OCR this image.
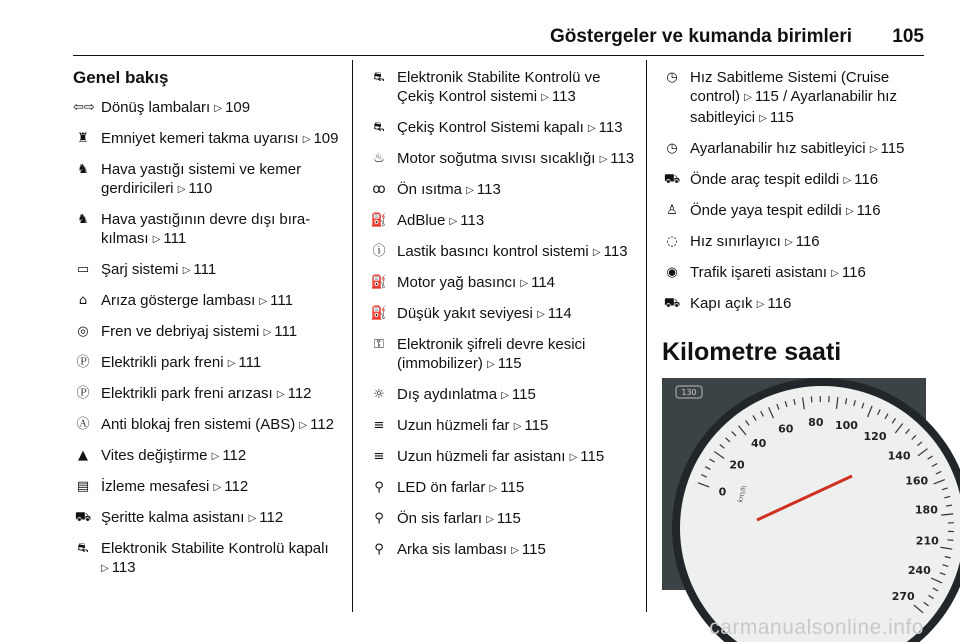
Göstergeler ve kumanda birimleri 105
Genel bakış
⇦⇨ Dönüş lambaları ▷ 109
♜ Emniyet kemeri takma uyarısı ▷ 109
♞ Hava yastığı sistemi ve kemer gerdiricileri ▷ 110
♞ Hava yastığının devre dışı bıra-kılması ▷ 111
▭ Şarj sistemi ▷ 111
⌂ Arıza gösterge lambası ▷ 111
◎ Fren ve debriyaj sistemi ▷ 111
Ⓟ Elektrikli park freni ▷ 111
Ⓟ Elektrikli park freni arızası ▷ 112
Ⓐ Anti blokaj fren sistemi (ABS) ▷ 112
▲ Vites değiştirme ▷ 112
▤ İzleme mesafesi ▷ 112
⛟ Şeritte kalma asistanı ▷ 112
⛐ Elektronik Stabilite Kontrolü kapalı ▷ 113
⛐ Elektronik Stabilite Kontrolü ve Çekiş Kontrol sistemi ▷ 113
⛐ Çekiş Kontrol Sistemi kapalı ▷ 113
♨ Motor soğutma sıvısı sıcaklığı ▷ 113
ꝏ Ön ısıtma ▷ 113
⛽ AdBlue ▷ 113
ⓘ Lastik basıncı kontrol sistemi ▷ 113
⛽ Motor yağ basıncı ▷ 114
⛽ Düşük yakıt seviyesi ▷ 114
⚿ Elektronik şifreli devre kesici (immobilizer) ▷ 115
☼ Dış aydınlatma ▷ 115
≡ Uzun hüzmeli far ▷ 115
≡ Uzun hüzmeli far asistanı ▷ 115
⚲ LED ön farlar ▷ 115
⚲ Ön sis farları ▷ 115
⚲ Arka sis lambası ▷ 115
◷ Hız Sabitleme Sistemi (Cruise control) ▷ 115 / Ayarlanabilir hız sabitleyici ▷ 115
◷ Ayarlanabilir hız sabitleyici ▷ 115
⛟ Önde araç tespit edildi ▷ 116
♙ Önde yaya tespit edildi ▷ 116
◌ Hız sınırlayıcı ▷ 116
◉ Trafik işareti asistanı ▷ 116
⛟ Kapı açık ▷ 116
Kilometre saati
0
20
40
60 80 100
120
140
160
180
210
240
270
130
km/h
carmanualsonline.info
